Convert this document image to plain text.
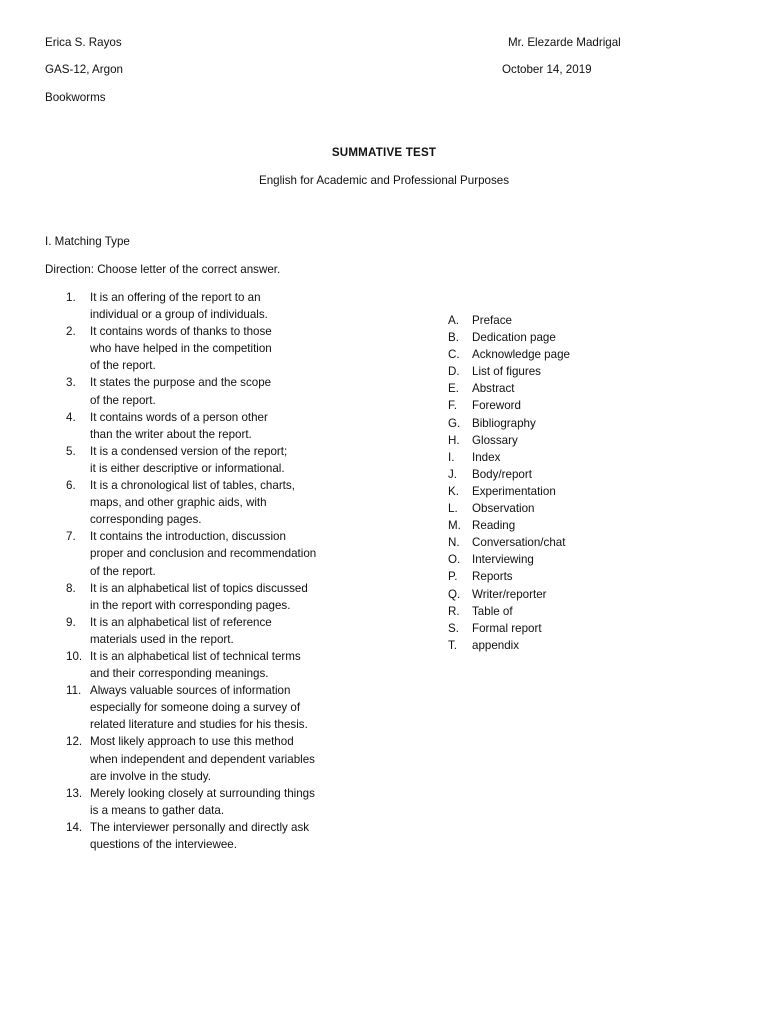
Erica S. Rayos
GAS-12, Argon
Bookworms
Mr. Elezarde Madrigal
October 14, 2019
SUMMATIVE TEST
English for Academic and Professional Purposes
I. Matching Type
Direction: Choose letter of the correct answer.
1.	It is an offering of the report to an
individual or a group of individuals.
2.	It contains words of thanks to those
who have helped in the competition
of the report.
3.	It states the purpose and the scope
of the report.
4.	It contains words of a person other
than the writer about the report.
5.	It is a condensed version of the report;
it is either descriptive or informational.
6.	It is a chronological list of tables, charts,
maps, and other graphic aids, with
corresponding pages.
7.	It contains the introduction, discussion
proper and conclusion and recommendation
of the report.
8.	It is an alphabetical list of topics discussed
in the report with corresponding pages.
9.	It is an alphabetical list of reference
materials used in the report.
10. It is an alphabetical list of technical terms
and their corresponding meanings.
11. Always valuable sources of information
especially for someone doing a survey of
related literature and studies for his thesis.
12. Most likely approach to use this method
when independent and dependent variables
are involve in the study.
13. Merely looking closely at surrounding things
is a means to gather data.
14. The interviewer personally and directly ask
questions of the interviewee.
A.	Preface
B.	Dedication page
C.	Acknowledge page
D.	List of figures
E.	Abstract
F.	Foreword
G.	Bibliography
H.	Glossary
I.	Index
J.	Body/report
K.	Experimentation
L.	Observation
M. Reading
N.	Conversation/chat
O.	Interviewing
P.	Reports
Q.	Writer/reporter
R.	Table of
S.	Formal report
T.	appendix
